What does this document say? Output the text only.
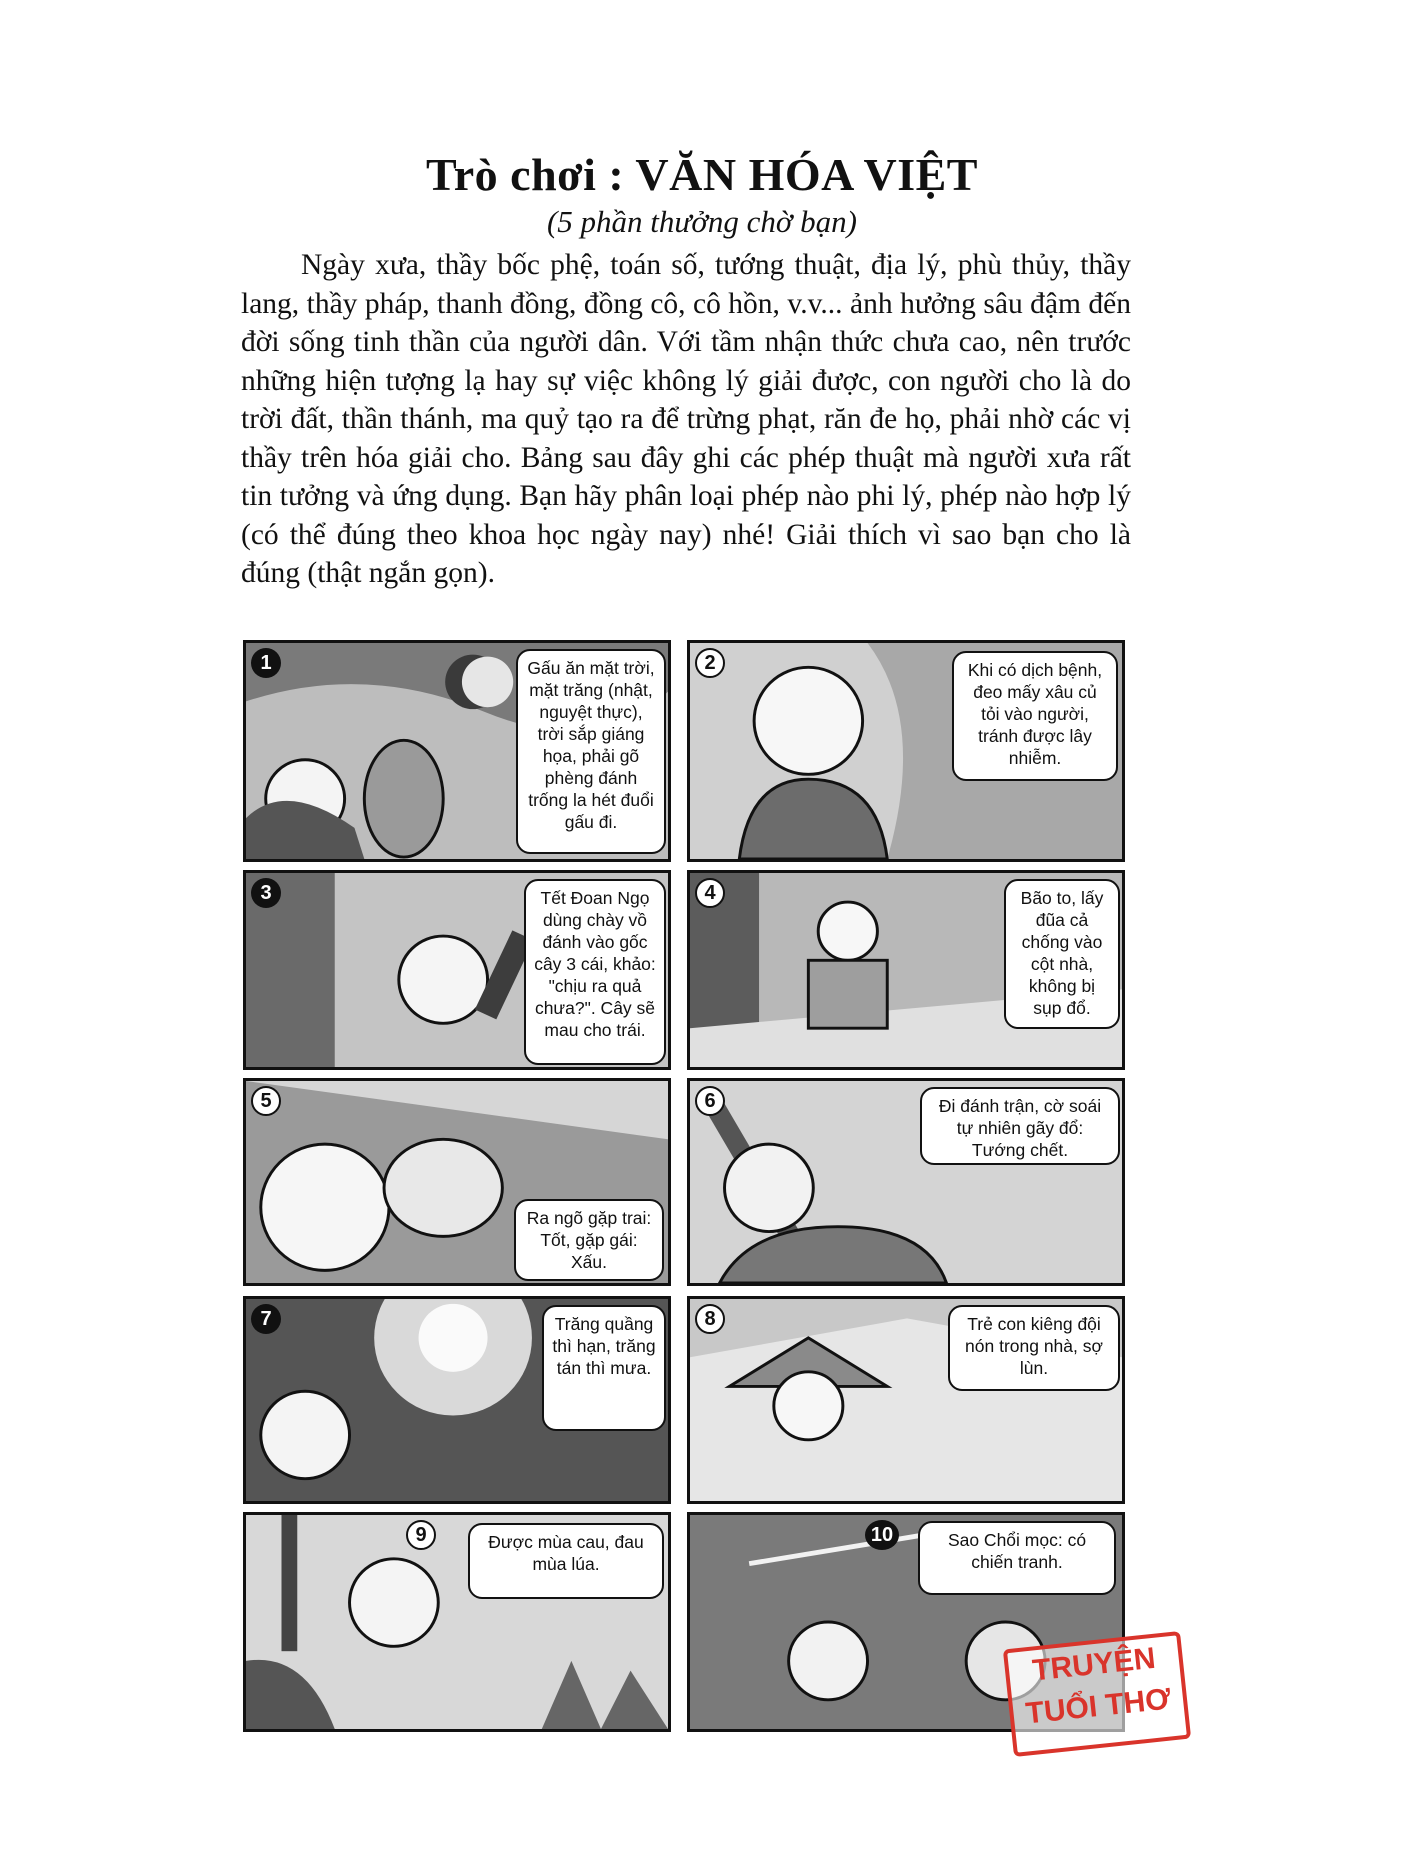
Trò chơi : VĂN HÓA VIỆT
(5 phần thưởng chờ bạn)

Ngày xưa, thầy bốc phệ, toán số, tướng thuật, địa lý, phù thủy, thầy lang, thầy pháp, thanh đồng, đồng cô, cô hồn, v.v... ảnh hưởng sâu đậm đến đời sống tinh thần của người dân. Với tầm nhận thức chưa cao, nên trước những hiện tượng lạ hay sự việc không lý giải được, con người cho là do trời đất, thần thánh, ma quỷ tạo ra để trừng phạt, răn đe họ, phải nhờ các vị thầy trên hóa giải cho. Bảng sau đây ghi các phép thuật mà người xưa rất tin tưởng và ứng dụng. Bạn hãy phân loại phép nào phi lý, phép nào hợp lý (có thể đúng theo khoa học ngày nay) nhé! Giải thích vì sao bạn cho là đúng (thật ngắn gọn).

1	Gấu ăn mặt trời, mặt trăng (nhật, nguyệt thực), trời sắp giáng họa, phải gõ phèng đánh trống la hét đuổi gấu đi.
2	Khi có dịch bệnh, đeo mấy xâu củ tỏi vào người, tránh được lây nhiễm.
3	Tết Đoan Ngọ dùng chày vồ đánh vào gốc cây 3 cái, khảo: "chịu ra quả chưa?". Cây sẽ mau cho trái.
4	Bão to, lấy đũa cả chống vào cột nhà, không bị sụp đổ.
5
Ra ngõ gặp trai: Tốt, gặp gái: Xấu.
6	Đi đánh trận, cờ soái tự nhiên gãy đổ: Tướng chết.
7	Trăng quầng thì hạn, trăng tán thì mưa.
8	Trẻ con kiêng đội nón trong nhà, sợ lùn.
9	Được mùa cau, đau mùa lúa.
10	Sao Chổi mọc: có chiến tranh.
TRUYỆN TUỔI THƠ
